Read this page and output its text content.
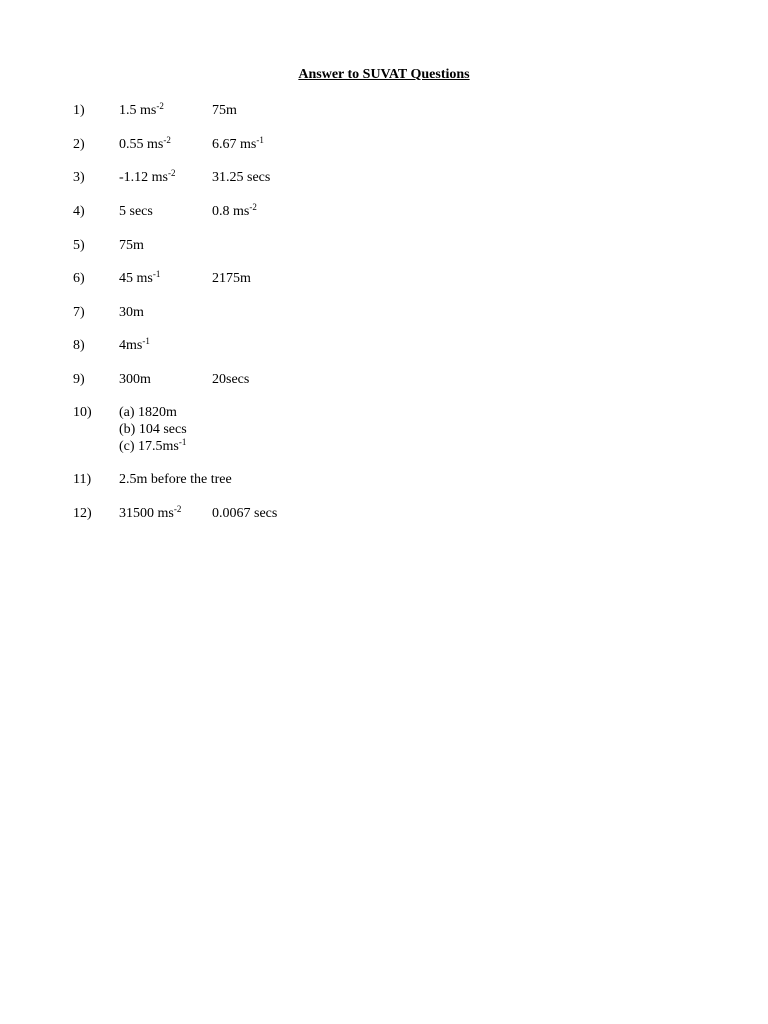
Answer to SUVAT Questions
1) 1.5 $ms^{-2}$	75m
2) 0.55 $ms^{-2}$	6.67 $ms^{-1}$
3) -1.12 $ms^{-2}$	31.25 secs
4) 5 secs	0.8 $ms^{-2}$
5) 75m
6) 45 $ms^{-1}$	2175m
7) 30m
8) $4ms^{-1}$
9) 300m	20secs
10) (a) 1820m
(b) 104 secs
(c) $17.5ms^{-1}$
11) 2.5m before the tree
12) 31500 $ms^{-2}$ 0.0067 secs
